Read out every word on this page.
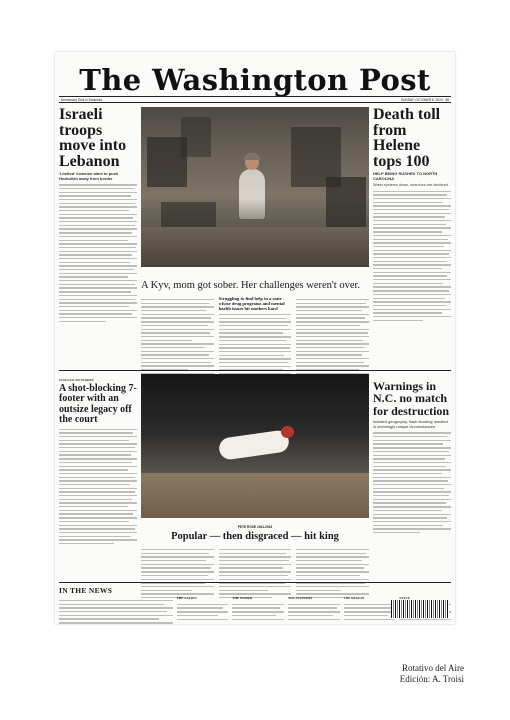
The Washington Post
Democracy Dies in Darkness	SUNDAY, OCTOBER 6, 2024 · $5
Israeli troops move into Lebanon
'Limited' invasion aims to push Hezbollah away from border
A Kyv, mom got sober. Her challenges weren't over.
Struggling to find help in a state whose drug programs and mental health issues hit mothers hard
Death toll from Helene tops 100
HELP BEING RUSHED TO NORTH CAROLINA
Water systems down, searches are hindered
CHICAGO BUTCHERS
A shot-blocking 7-footer with an outsize legacy off the court
PETE ROSE 1941-2024
Popular — then disgraced — hit king
Warnings in N.C. no match for destruction
Isolated geography, flash flooding resulted in seemingly unique circumstances
IN THE NEWS
THE NATION	THE WORLD	THE ECONOMY	THE REGION	STYLE
Rotativo del Aire
Edición: A. Troisi
